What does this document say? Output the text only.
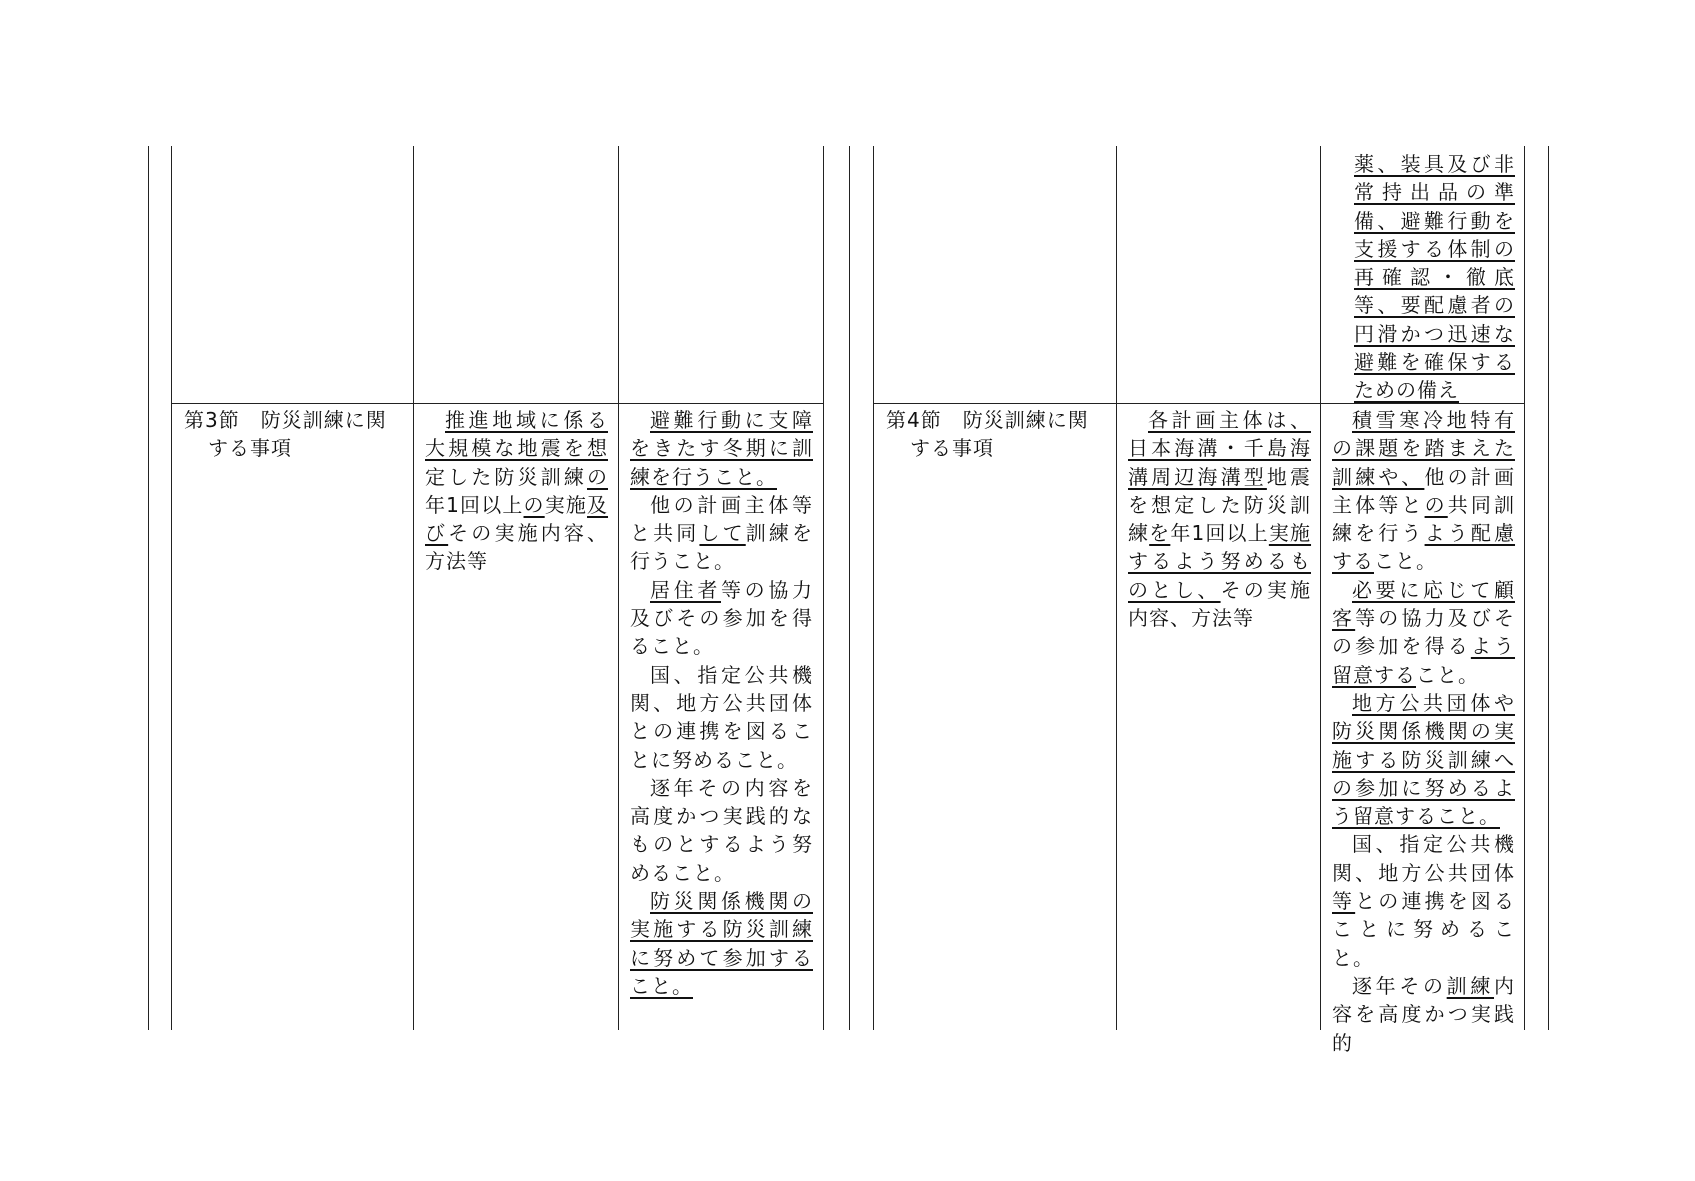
第3節　防災訓練に関
する事項

推進地域に係る大規模な地震を想定した防災訓練の年1回以上の実施及びその実施内容、方法等

避難行動に支障をきたす冬期に訓練を行うこと。

他の計画主体等と共同して訓練を行うこと。

居住者等の協力及びその参加を得ること。

国、指定公共機関、地方公共団体との連携を図ることに努めること。

逐年その内容を高度かつ実践的なものとするよう努めること。

防災関係機関の実施する防災訓練に努めて参加すること。

薬、装具及び非常持出品の準備、避難行動を支援する体制の再確認・徹底等、要配慮者の円滑かつ迅速な避難を確保するための備え

第4節　防災訓練に関
する事項

各計画主体は、日本海溝・千島海溝周辺海溝型地震を想定した防災訓練を年1回以上実施するよう努めるものとし、その実施内容、方法等

積雪寒冷地特有の課題を踏まえた訓練や、他の計画主体等との共同訓練を行うよう配慮すること。

必要に応じて顧客等の協力及びその参加を得るよう留意すること。

地方公共団体や防災関係機関の実施する防災訓練への参加に努めるよう留意すること。

国、指定公共機関、地方公共団体等との連携を図ることに努めること。

逐年その訓練内容を高度かつ実践的
